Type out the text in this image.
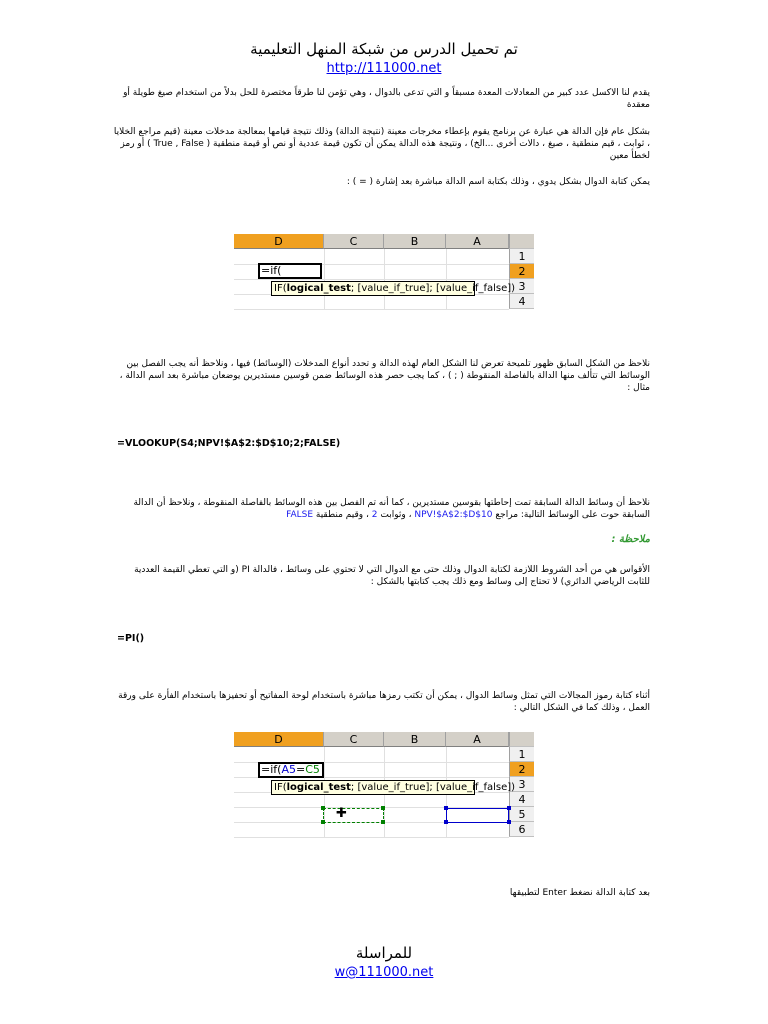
تم تحميل الدرس من شبكة المنهل التعليمية
http://111000.net
يقدم لنا الاكسل عدد كبير من المعادلات المعدة مسبقاً و التي تدعى بالدوال ، وهي تؤمن لنا طرقاً مختصرة للحل بدلاً من استخدام صيغ طويلة أو معقدة
بشكل عام فإن الدالة هي عبارة عن برنامج يقوم بإعطاء مخرجات معينة (نتيجة الدالة) وذلك نتيجة قيامها بمعالجة مدخلات معينة (قيم مراجع الخلايا ، ثوابت ، قيم منطقية ، صيغ ، دالات أخرى ...الخ) ، ونتيجة هذه الدالة يمكن أن تكون قيمة عددية أو نص أو قيمة منطقية ( True , False ) أو رمز لخطأ معين
يمكن كتابة الدوال بشكل يدوي ، وذلك بكتابة اسم الدالة مباشرة بعد إشارة ( = ) :
D	C	B	A
1
2
3
4
=if(
IF(logical_test; [value_if_true]; [value_if_false])
نلاحظ من الشكل السابق ظهور تلميحة تعرض لنا الشكل العام لهذه الدالة و تحدد أنواع المدخلات (الوسائط) فيها ، ونلاحظ أنه يجب الفصل بين الوسائط التي تتألف منها الدالة بالفاصلة المنقوطة ( ; ) ، كما يجب حصر هذه الوسائط ضمن قوسين مستديرين يوضعان مباشرة بعد اسم الدالة ، مثال :
=VLOOKUP(S4;NPV!$A$2:$D$10;2;FALSE)
نلاحظ أن وسائط الدالة السابقة تمت إحاطتها بقوسين مستديرين ، كما أنه تم الفصل بين هذه الوسائط بالفاصلة المنقوطة ، ونلاحظ أن الدالة السابقة حوت على الوسائط التالية: مراجع NPV!$A$2:$D$10 ، وثوابت 2 ، وقيم منطقية FALSE
ملاحظة :
الأقواس هي من أحد الشروط اللازمة لكتابة الدوال وذلك حتى مع الدوال التي لا تحتوي على وسائط ، فالدالة PI (و التي تعطي القيمة العددية للثابت الرياضي الدائري) لا تحتاج إلى وسائط ومع ذلك يجب كتابتها بالشكل :
=PI()
أثناء كتابة رموز المجالات التي تمثل وسائط الدوال ، يمكن أن تكتب رمزها مباشرة باستخدام لوحة المفاتيح أو تحفيزها باستخدام الفأرة على ورقة العمل ، وذلك كما في الشكل التالي :
D	C	B	A
1
2
3
4
5
6
=if(A5=C5
IF(logical_test; [value_if_true]; [value_if_false])
✚
بعد كتابة الدالة نضغط Enter لتطبيقها
للمراسلة
w@111000.net
